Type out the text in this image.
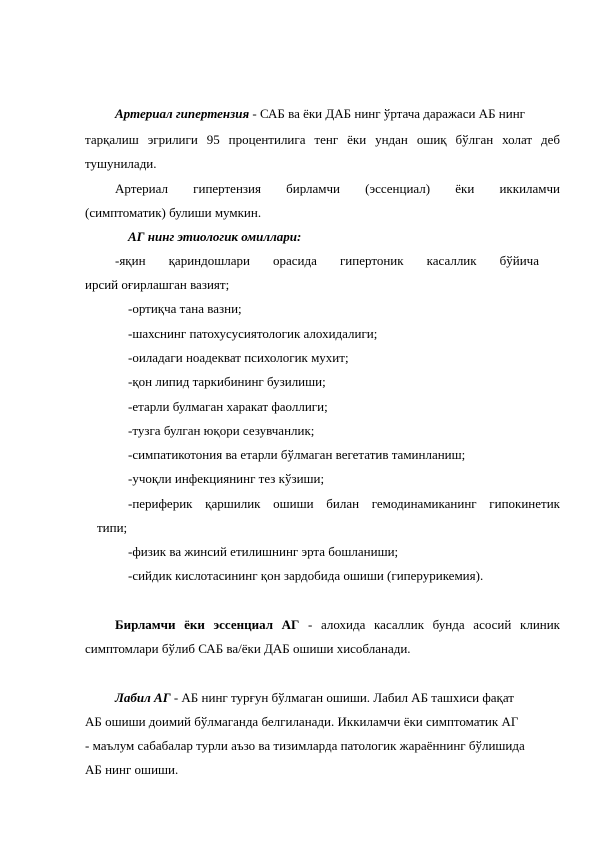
Артериал гипертензия - САБ ва ёки ДАБ нинг ўртача даражаси АБ нинг
тарқалиш эгрилиги 95 процентилига тенг ёки ундан ошиқ бўлган холат деб
тушунилади.
Артериал гипертензия бирламчи (эссенциал) ёки иккиламчи
(симптоматик) булиши мумкин.
АГ нинг этиологик омиллари:
-яқин қариндошлари орасида гипертоник касаллик бўйича
ирсий оғирлашган вазият;
-ортиқча тана вазни;
-шахснинг патохусусиятологик алохидалиги;
-оиладаги ноадекват психологик мухит;
-қон липид таркибининг бузилиши;
-етарли булмаган харакат фаоллиги;
-тузга булган юқори сезувчанлик;
-симпатикотония ва етарли бўлмаган вегетатив таминланиш;
-учоқли инфекциянинг тез кўзиши;
-периферик қаршилик ошиши билан гемодинамиканинг гипокинетик
типи;
-физик ва жинсий етилишнинг эрта бошланиши;
-сийдик кислотасининг қон зардобида ошиши (гиперурикемия).
Бирламчи ёки эссенциал АГ - алохида касаллик бунда асосий клиник
симптомлари бўлиб САБ ва/ёки ДАБ ошиши хисобланади.
Лабил АГ - АБ нинг турғун бўлмаган ошиши. Лабил АБ ташхиси фақат
АБ ошиши доимий бўлмаганда белгиланади. Иккиламчи ёки симптоматик АГ
- маълум сабабалар турли аъзо ва тизимларда патологик жараённинг бўлишида
АБ нинг ошиши.
